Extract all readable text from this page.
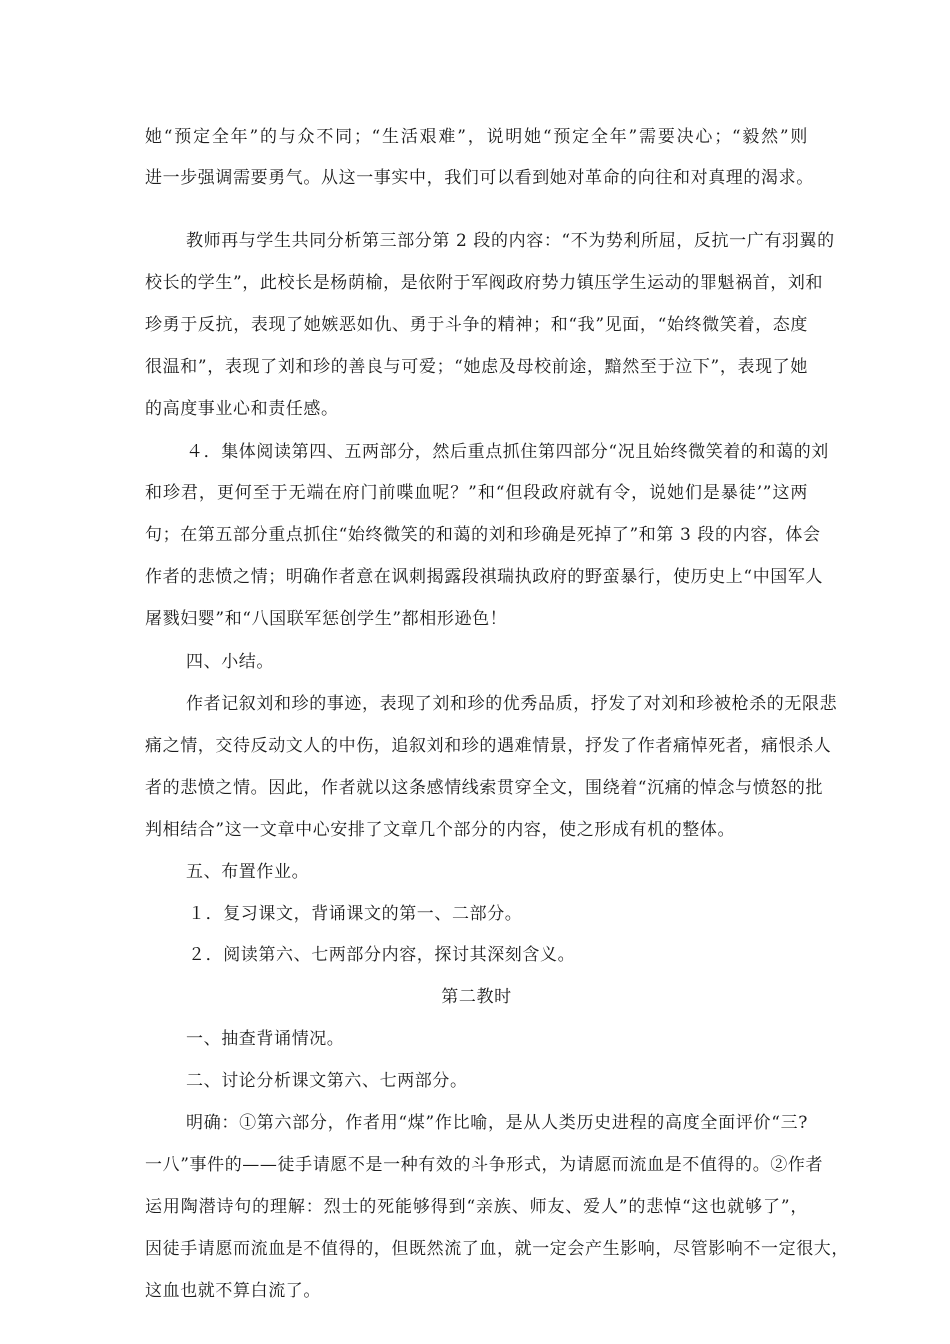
她“预定全年”的与众不同；“生活艰难”，说明她“预定全年”需要决心；“毅然”则
进一步强调需要勇气。从这一事实中，我们可以看到她对革命的向往和对真理的渴求。
教师再与学生共同分析第三部分第 2 段的内容：“不为势利所屈，反抗一广有羽翼的
校长的学生”，此校长是杨荫榆，是依附于军阀政府势力镇压学生运动的罪魁祸首，刘和
珍勇于反抗，表现了她嫉恶如仇、勇于斗争的精神；和“我”见面，“始终微笑着，态度
很温和”，表现了刘和珍的善良与可爱；“她虑及母校前途，黯然至于泣下”，表现了她
的高度事业心和责任感。
４．集体阅读第四、五两部分，然后重点抓住第四部分“况且始终微笑着的和蔼的刘
和珍君，更何至于无端在府门前喋血呢？”和“但段政府就有令，说她们是暴徒’”这两
句；在第五部分重点抓住“始终微笑的和蔼的刘和珍确是死掉了”和第 3 段的内容，体会
作者的悲愤之情；明确作者意在讽刺揭露段祺瑞执政府的野蛮暴行，使历史上“中国军人
屠戮妇婴”和“八国联军惩创学生”都相形逊色！
四、小结。
作者记叙刘和珍的事迹，表现了刘和珍的优秀品质，抒发了对刘和珍被枪杀的无限悲
痛之情，交待反动文人的中伤，追叙刘和珍的遇难情景，抒发了作者痛悼死者，痛恨杀人
者的悲愤之情。因此，作者就以这条感情线索贯穿全文，围绕着“沉痛的悼念与愤怒的批
判相结合”这一文章中心安排了文章几个部分的内容，使之形成有机的整体。
五、布置作业。
１．复习课文，背诵课文的第一、二部分。
２．阅读第六、七两部分内容，探讨其深刻含义。
第二教时
一、抽查背诵情况。
二、讨论分析课文第六、七两部分。
明确：①第六部分，作者用“煤”作比喻，是从人类历史进程的高度全面评价“三?
一八”事件的——徒手请愿不是一种有效的斗争形式，为请愿而流血是不值得的。②作者
运用陶潜诗句的理解：烈士的死能够得到“亲族、师友、爱人”的悲悼“这也就够了”，
因徒手请愿而流血是不值得的，但既然流了血，就一定会产生影响，尽管影响不一定很大，
这血也就不算白流了。
